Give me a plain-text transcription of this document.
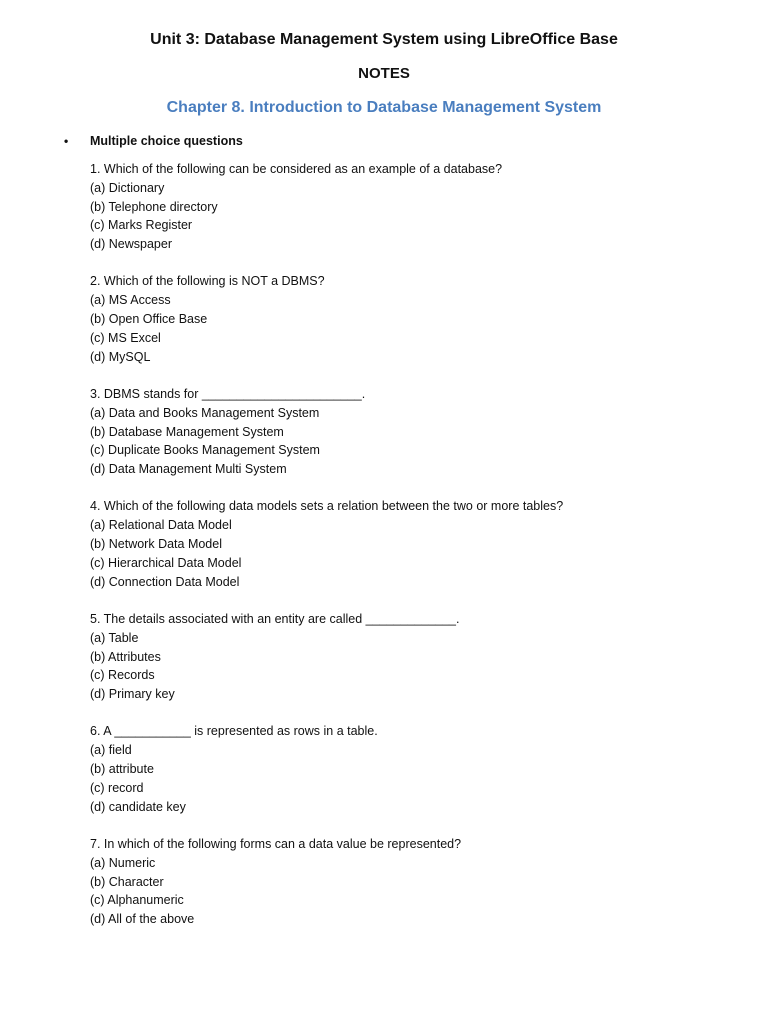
Unit 3: Database Management System using LibreOffice Base
NOTES
Chapter 8. Introduction to Database Management System
• Multiple choice questions
1. Which of the following can be considered as an example of a database?
(a) Dictionary
(b) Telephone directory
(c) Marks Register
(d) Newspaper
2. Which of the following is NOT a DBMS?
(a) MS Access
(b) Open Office Base
(c) MS Excel
(d) MySQL
3. DBMS stands for _______________________.
(a) Data and Books Management System
(b) Database Management System
(c) Duplicate Books Management System
(d) Data Management Multi System
4. Which of the following data models sets a relation between the two or more tables?
(a) Relational Data Model
(b) Network Data Model
(c) Hierarchical Data Model
(d) Connection Data Model
5. The details associated with an entity are called _____________.
(a) Table
(b) Attributes
(c) Records
(d) Primary key
6. A ___________ is represented as rows in a table.
(a) field
(b) attribute
(c) record
(d) candidate key
7. In which of the following forms can a data value be represented?
(a) Numeric
(b) Character
(c) Alphanumeric
(d) All of the above
